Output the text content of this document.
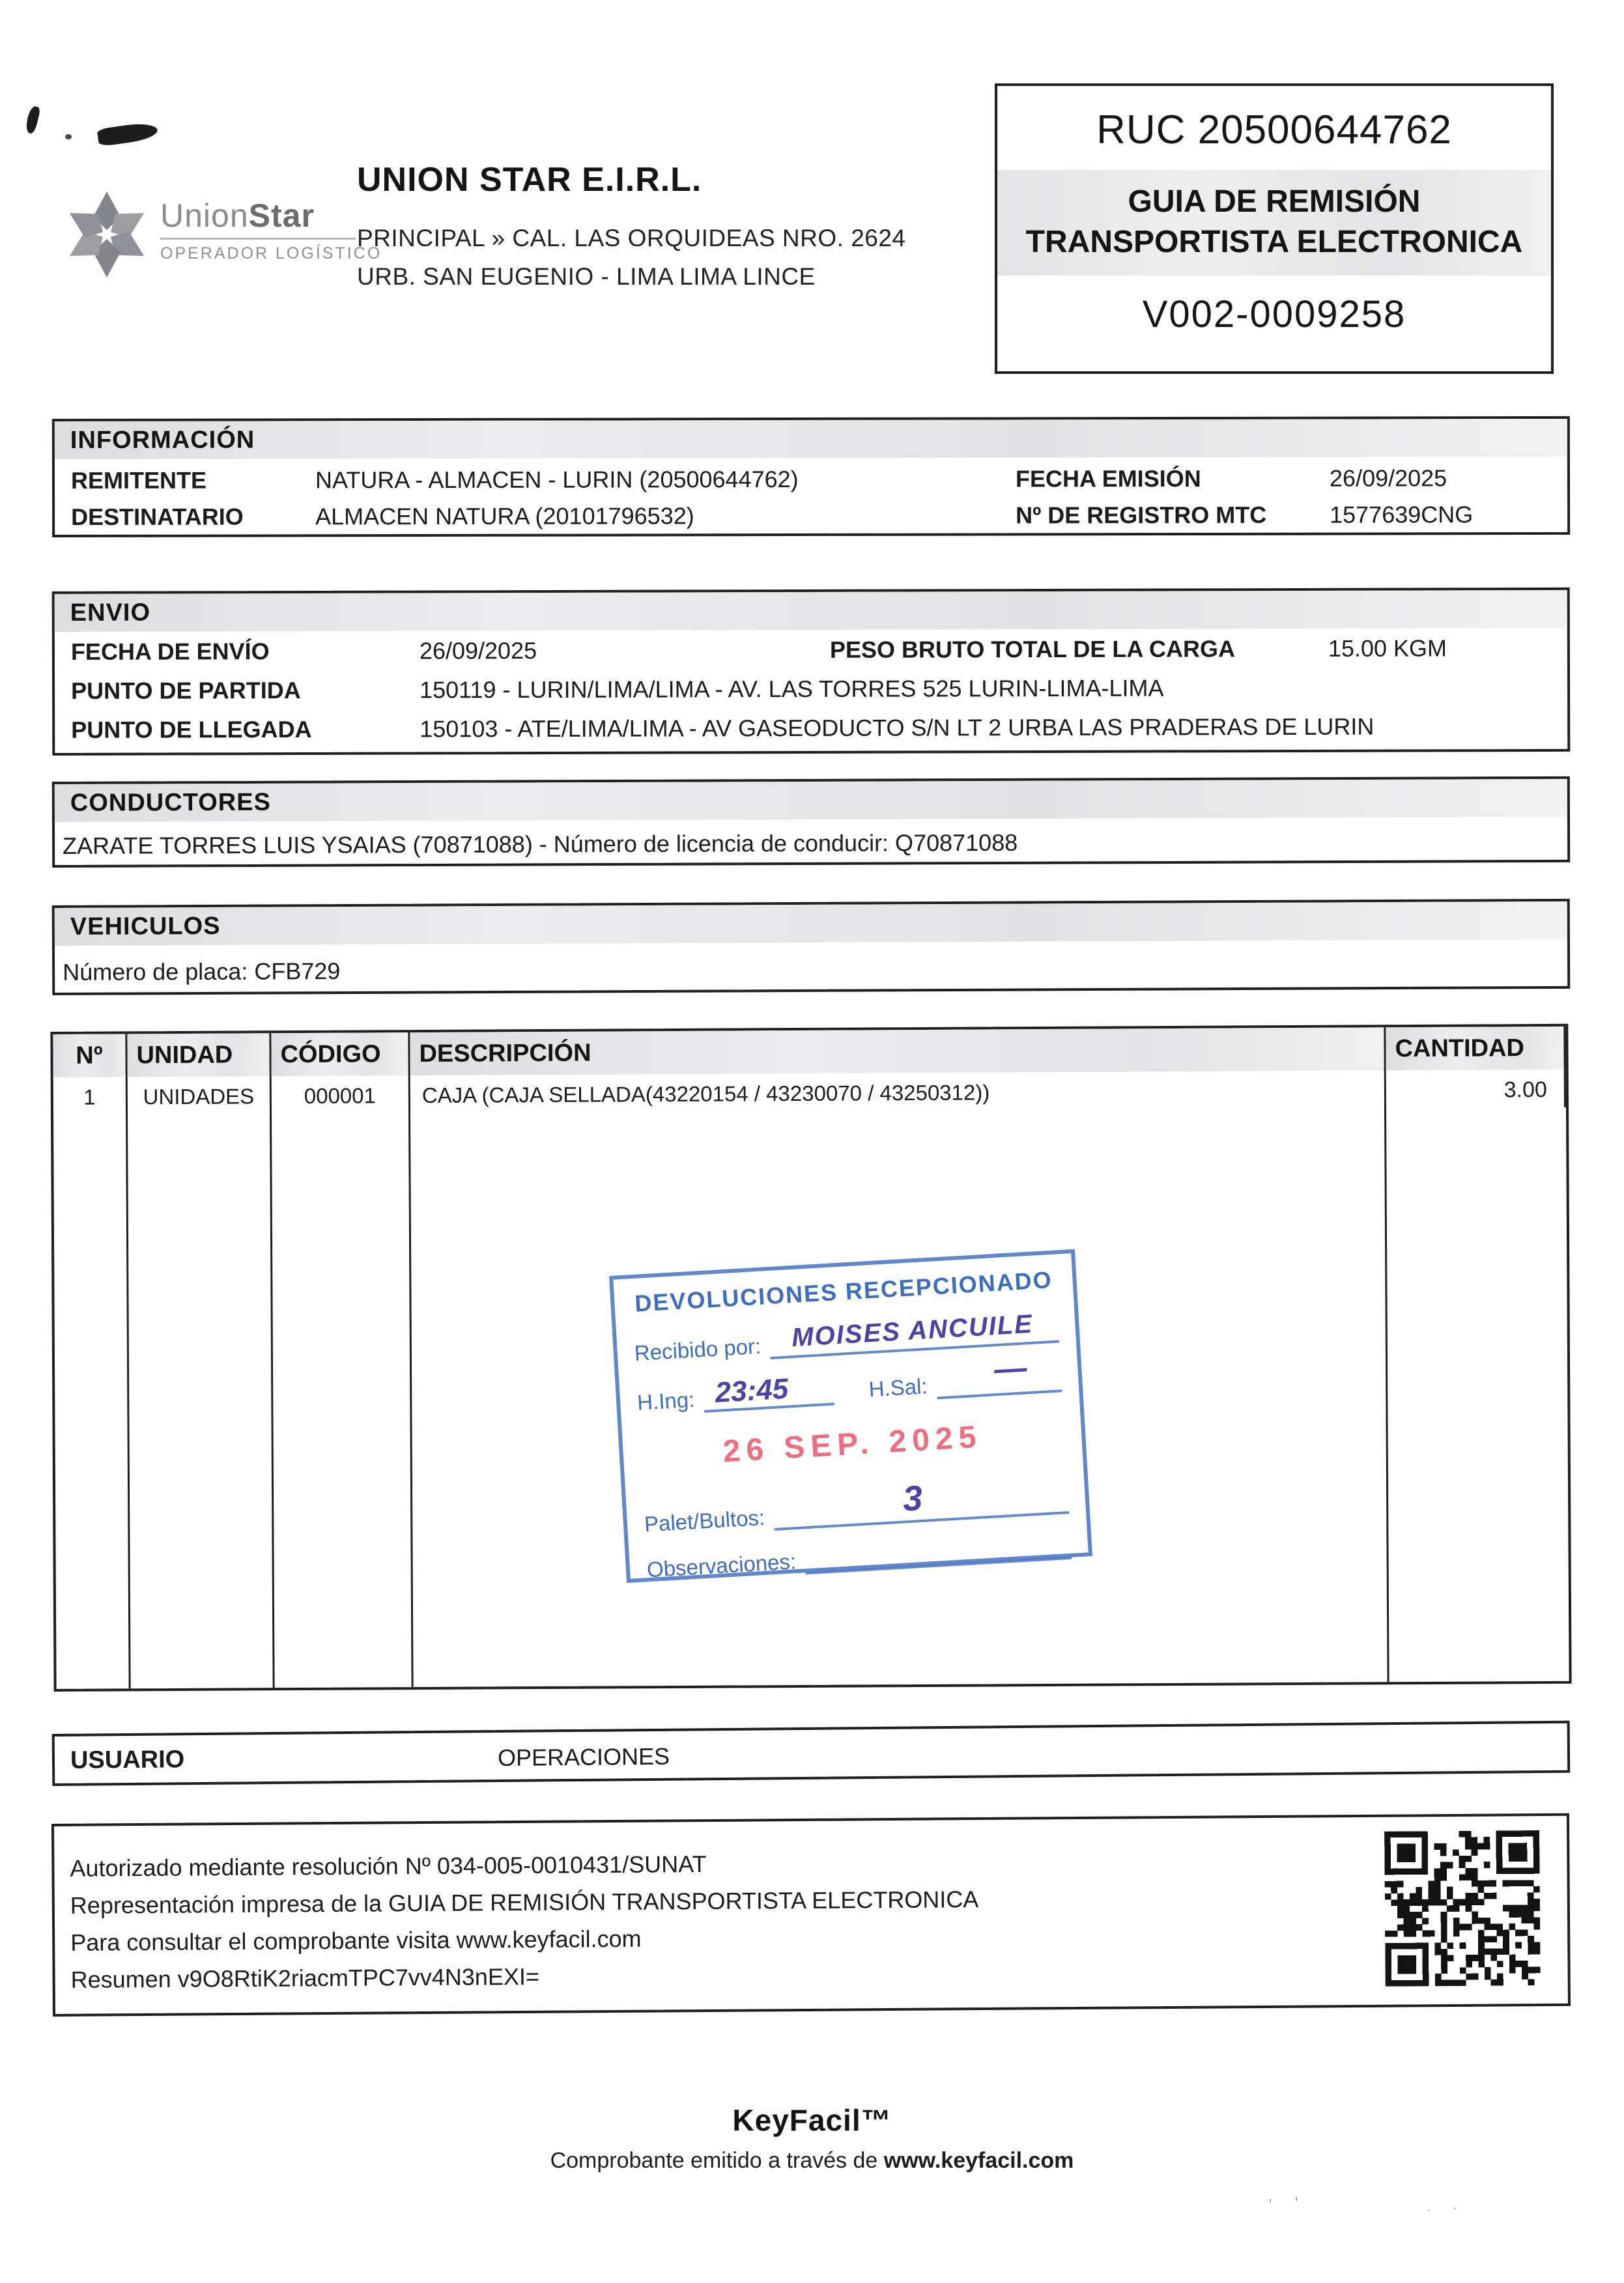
UnionStar
OPERADOR LOGÍSTICO
UNION STAR E.I.R.L.
PRINCIPAL » CAL. LAS ORQUIDEAS NRO. 2624
URB. SAN EUGENIO - LIMA LIMA LINCE
RUC 20500644762
GUIA DE REMISIÓN
TRANSPORTISTA ELECTRONICA
V002-0009258
INFORMACIÓN
REMITENTE	NATURA - ALMACEN - LURIN (20500644762)	FECHA EMISIÓN	26/09/2025
DESTINATARIO	ALMACEN NATURA (20101796532)	Nº DE REGISTRO MTC	1577639CNG
ENVIO
FECHA DE ENVÍO	26/09/2025	PESO BRUTO TOTAL DE LA CARGA	15.00 KGM
PUNTO DE PARTIDA	150119 - LURIN/LIMA/LIMA - AV. LAS TORRES 525 LURIN-LIMA-LIMA
PUNTO DE LLEGADA	150103 - ATE/LIMA/LIMA - AV GASEODUCTO S/N LT 2 URBA LAS PRADERAS DE LURIN
CONDUCTORES
ZARATE TORRES LUIS YSAIAS (70871088) - Número de licencia de conducir: Q70871088
VEHICULOS
Número de placa: CFB729
Nº	UNIDAD	CÓDIGO	DESCRIPCIÓN	CANTIDAD
1	UNIDADES	000001	CAJA (CAJA SELLADA(43220154 / 43230070 / 43250312))	3.00
DEVOLUCIONES RECEPCIONADO
Recibido por: MOISES ANCUILE
H.Ing: 23:45	H.Sal:
—
26 SEP. 2025
Palet/Bultos:
3
Observaciones:
USUARIO	OPERACIONES
Autorizado mediante resolución Nº 034-005-0010431/SUNAT
Representación impresa de la GUIA DE REMISIÓN TRANSPORTISTA ELECTRONICA
Para consultar el comprobante visita www.keyfacil.com
Resumen v9O8RtiK2riacmTPC7vv4N3nEXI=
KeyFacil™
Comprobante emitido a través de www.keyfacil.com
' '	· ·
